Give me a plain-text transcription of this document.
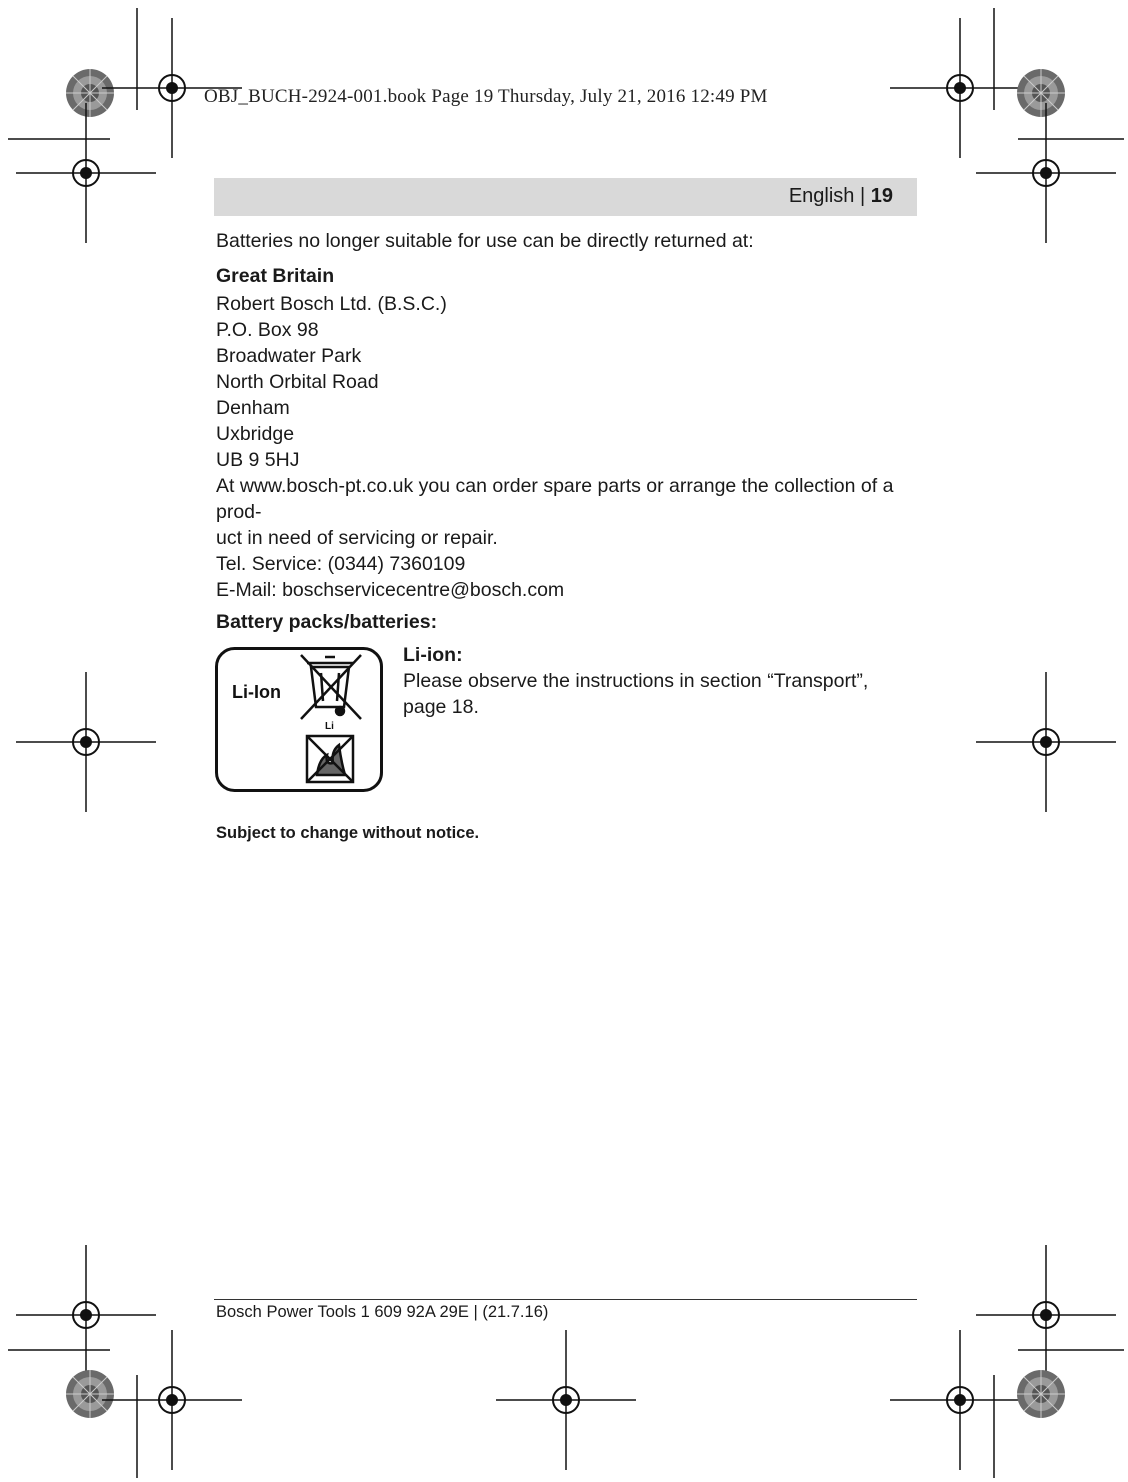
OBJ_BUCH-2924-001.book Page 19 Thursday, July 21, 2016 12:49 PM
English | 19

Batteries no longer suitable for use can be directly returned at:

Great Britain

Robert Bosch Ltd. (B.S.C.)
P.O. Box 98
Broadwater Park
North Orbital Road
Denham
Uxbridge
UB 9 5HJ
At www.bosch-pt.co.uk you can order spare parts or arrange the collection of a prod-
uct in need of servicing or repair.
Tel. Service: (0344) 7360109
E-Mail: boschservicecentre@bosch.com
Battery packs/batteries:
Li-Ion
Li

Li-ion:

Please observe the instructions in section “Transport”,

page 18.

Subject to change without notice.
Bosch Power Tools 1 609 92A 29E | (21.7.16)
